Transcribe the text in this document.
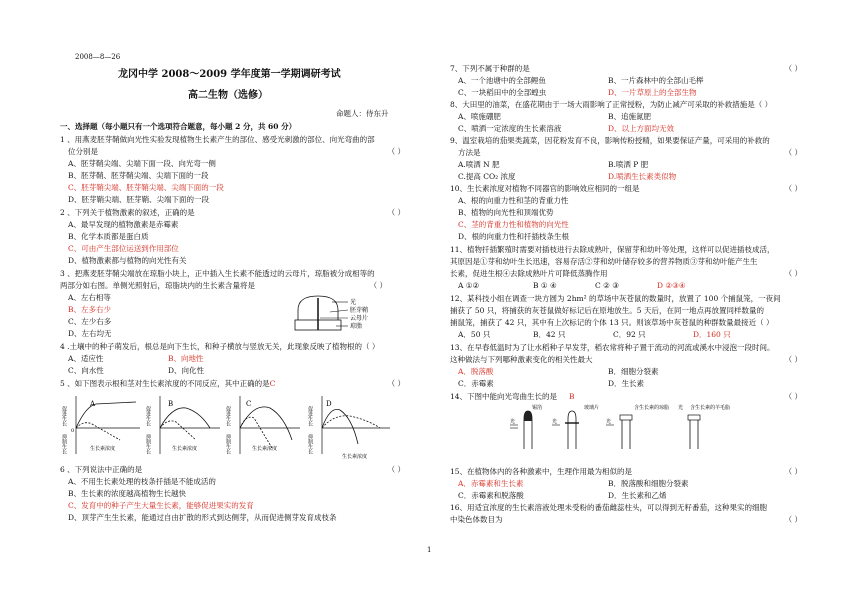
2008—8—26
龙冈中学 2008～2009 学年度第一学期调研考试
高二生物（选修）
命题人：侍东升
一、选择题（每小题只有一个选项符合题意，每小题 2 分，共 60 分）
1 、用燕麦胚芽鞘做向光性实验发现植物生长素产生的部位、感受光刺激的部位、向光弯曲的部
位分别是	（ ）
A、胚芽鞘尖端、尖端下面一段、向光弯一侧
B、胚芽鞘、胚芽鞘尖端、尖端下面的一段
C、胚芽鞘尖端、胚芽鞘尖端、尖端下面的一段
D、胚芽鞘尖端、胚芽鞘、尖端下面的一段
2 、下列关于植物激素的叙述，正确的是	（ ）
A、最早发现的植物激素是赤霉素
B、化学本质都是蛋白质
C、可由产生部位运送到作用部位
D、植物激素都与植物的向光性有关
3 、把燕麦胚芽鞘尖端放在琼脂小块上，正中插入生长素不能透过的云母片，琼脂被分成相等的
两部分如右图。单侧光照射后，琼脂块内的生长素含量将是	（ ）
A、左右相等
B、左多右少
C、左少右多
D、左右均无
光
胚芽鞘
云母片
琼脂
4 .土壤中的种子萌发后，根总是向下生长，和种子横放与竖放无关，此现象反映了植物根的（ ）
A、适应性	B、向地性
C、向水性	D、向化性
5 、如下图表示根和茎对生长素浓度的不同反应，其中正确的是C	（ ）
促进生长
抑制生长
0
A
生长素浓度
促进生长
抑制生长
B
生长素浓度
促进生长
抑制生长
C
生长素浓度
促进生长
抑制生长
D
生长素浓度
6 、下列说法中正确的是	（ ）
A、不用生长素处理的枝条扦插是不能成活的
B、生长素的浓度越高植物生长越快
C、发育中的种子产生大量生长素，能够促进果实的发育
D、顶芽产生生长素，能通过自由扩散的形式到达侧芽，从而促进侧芽发育成枝条
7、下列不属于种群的是	（ ）
A、一个池塘中的全部鲤鱼	B、一片森林中的全部山毛榉
C、一块稻田中的全部蝗虫	D、一片草原上的全部生物
8、大田里的油菜，在盛花期由于一场大雨影响了正常授粉，为防止减产可采取的补救措施是（ ）
A、喷施硼肥	B、追施氮肥
C、喷洒一定浓度的生长素溶液	D、以上方面均无效
9、温室栽培的茄果类蔬菜，因花粉发育不良，影响传粉授精，如果要保证产量，可采用的补救的
方法是	（ ）
A.喷洒 N 肥	B.喷洒 P 肥
C.提高 CO₂ 浓度	D.喷洒生长素类似物
10、生长素浓度对植物不同器官的影响效应相同的一组是	（ ）
A、根的向重力性和茎的背重力性
B、植物的向光性和顶端优势
C、茎的背重力性和植物的向光性
D、根的向重力性和扦插枝条生根
11、植物扦插繁殖时需要对插枝进行去除成熟叶，保留芽和幼叶等处理，这样可以促进插枝成活，
其原因是①芽和幼叶生长迅速，容易存活②芽和幼叶储存较多的营养物质③芽和幼叶能产生生
长素，促进生根④去除成熟叶片可降低蒸腾作用	（ ）
A ①②	B ① ④	C ② ③	D ②③④
12、某科技小组在调查一块方圆为 2hm² 的草场中灰苍鼠的数量时，放置了 100 个捕鼠笼，一夜间
捕获了 50 只，将捕获的灰苍鼠做好标记后在原地放生。5 天后，在同一地点再放置同样数量的
捕鼠笼，捕获了 42 只，其中有上次标记的个体 13 只。则该草场中灰苍鼠的种群数量最接近（ ）
A．50 只	B．42 只	C．92 只	D．160 只
13、在早春低温时为了让水稻种子早发芽，稻农常将种子置于流动的河流或溪水中浸泡一段时间。
这种做法与下列哪种激素变化的相关性最大	（ ）
A．脱落酸	B．细胞分裂素
C．赤霉素	D．生长素
14、下图中能向光弯曲生长的是 B	（ ）
光
锡箔
光
玻璃片
光
含生长素的琼脂 光 含生长素的羊毛脂
15、在植物体内的各种激素中，生理作用最为相似的是	（ ）
A．赤霉素和生长素	B．脱落酸和细胞分裂素
C．赤霉素和脱落酸	D．生长素和乙烯
16、用适宜浓度的生长素溶液处理未受粉的番茄雌蕊柱头，可以得到无籽番茄，这种果实的细胞
中染色体数目为	（ ）
1
